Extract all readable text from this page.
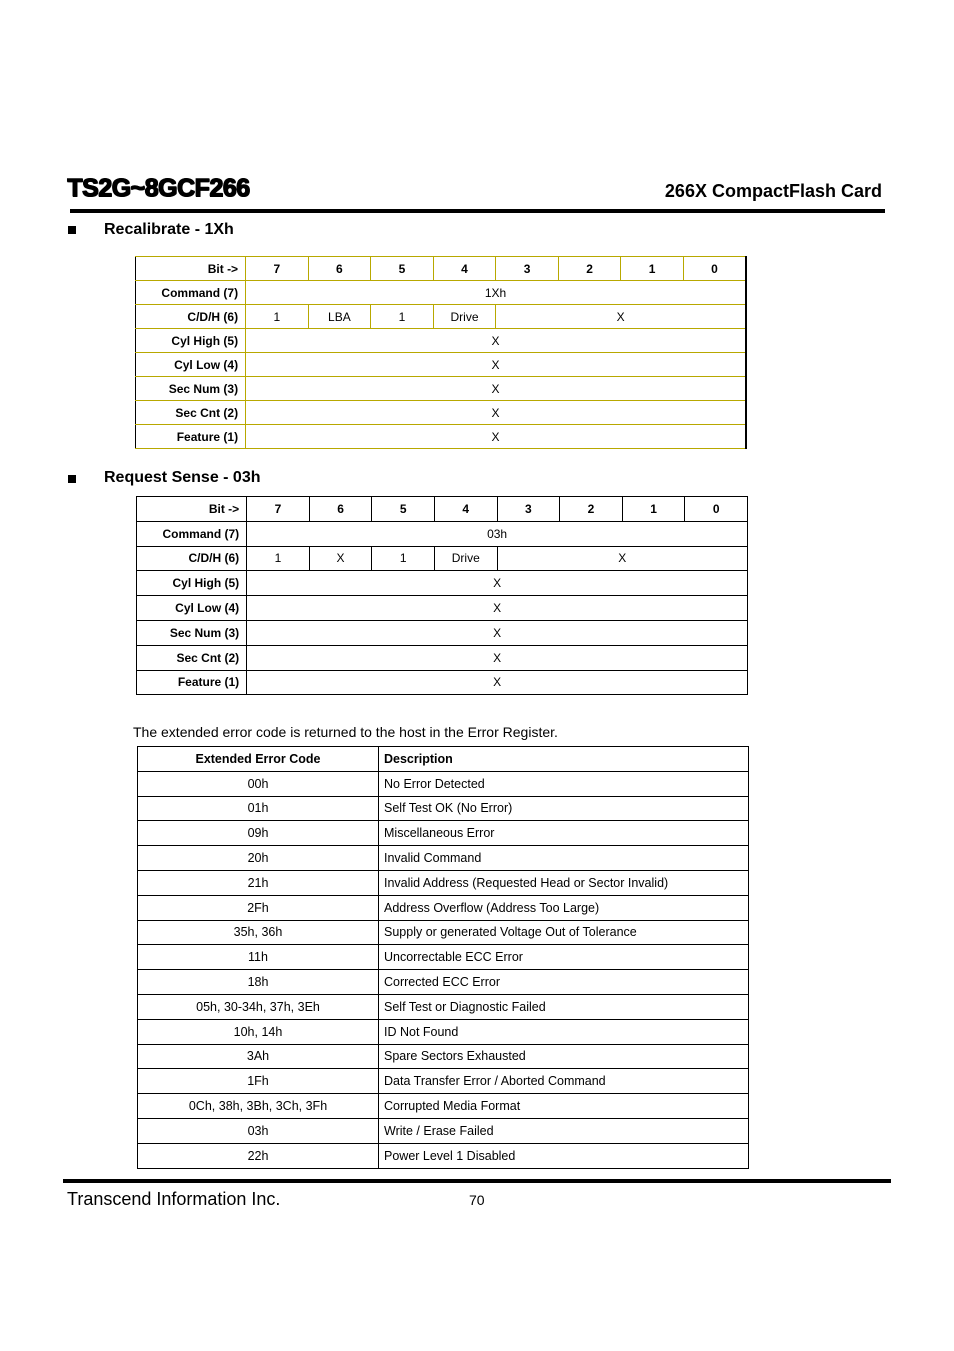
TS2G~8GCF266	266X CompactFlash Card
Recalibrate - 1Xh
Bit ->	7	6	5	4	3	2	1	0
Command (7)	1Xh							
C/D/H (6)	1	LBA	1	Drive	X			
Cyl High (5)	X							
Cyl Low (4)	X							
Sec Num (3)	X							
Sec Cnt (2)	X							
Feature (1)	X							
Request Sense - 03h
Bit ->	7	6	5	4	3	2	1	0
Command (7)	03h							
C/D/H (6)	1	X	1	Drive	X			
Cyl High (5)	X							
Cyl Low (4)	X							
Sec Num (3)	X							
Sec Cnt (2)	X							
Feature (1)	X							
The extended error code is returned to the host in the Error Register.
Extended Error Code	Description
00h	No Error Detected
01h	Self Test OK (No Error)
09h	Miscellaneous Error
20h	Invalid Command
21h	Invalid Address (Requested Head or Sector Invalid)
2Fh	Address Overflow (Address Too Large)
35h, 36h	Supply or generated Voltage Out of Tolerance
11h	Uncorrectable ECC Error
18h	Corrected ECC Error
05h, 30-34h, 37h, 3Eh	Self Test or Diagnostic Failed
10h, 14h	ID Not Found
3Ah	Spare Sectors Exhausted
1Fh	Data Transfer Error / Aborted Command
0Ch, 38h, 3Bh, 3Ch, 3Fh	Corrupted Media Format
03h	Write / Erase Failed
22h	Power Level 1 Disabled
Transcend Information Inc.	70
